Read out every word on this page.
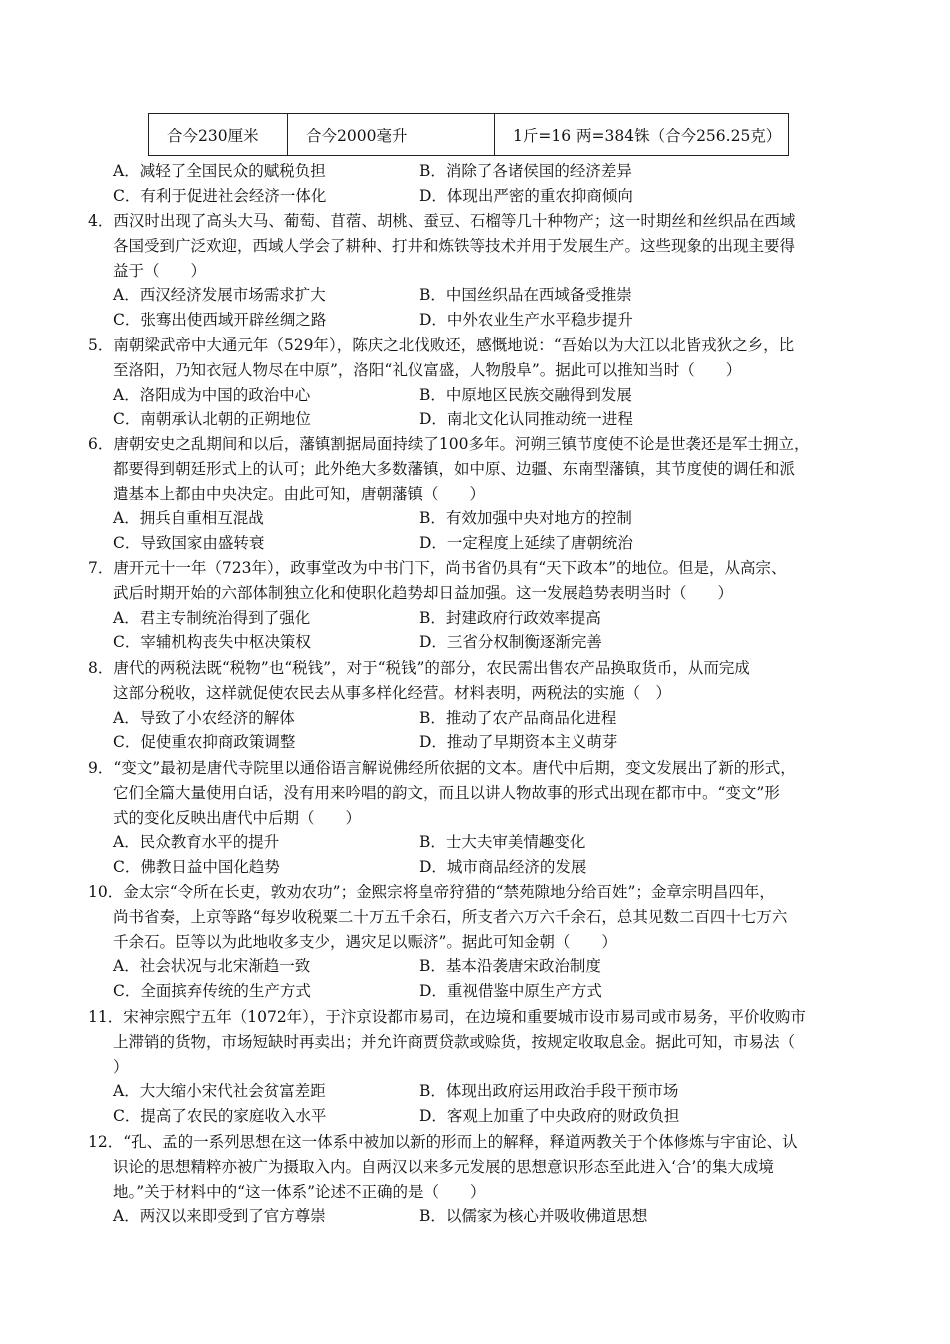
合今230厘米	合今2000毫升	1斤=16 两=384铢（合今256.25克）
A．减轻了全国民众的赋税负担	B．消除了各诸侯国的经济差异
C．有利于促进社会经济一体化	D．体现出严密的重农抑商倾向
4．西汉时出现了高头大马、葡萄、苜蓿、胡桃、蚕豆、石榴等几十种物产；这一时期丝和丝织品在西域
各国受到广泛欢迎，西域人学会了耕种、打井和炼铁等技术并用于发展生产。这些现象的出现主要得
益于（　　）
A．西汉经济发展市场需求扩大	B．中国丝织品在西域备受推崇
C．张骞出使西域开辟丝绸之路	D．中外农业生产水平稳步提升
5．南朝梁武帝中大通元年（529年），陈庆之北伐败还，感慨地说：“吾始以为大江以北皆戎狄之乡，比
至洛阳，乃知衣冠人物尽在中原”，洛阳“礼仪富盛，人物殷阜”。据此可以推知当时（　　）
A．洛阳成为中国的政治中心	B．中原地区民族交融得到发展
C．南朝承认北朝的正朔地位	D．南北文化认同推动统一进程
6．唐朝安史之乱期间和以后，藩镇割据局面持续了100多年。河朔三镇节度使不论是世袭还是军士拥立，
都要得到朝廷形式上的认可；此外绝大多数藩镇，如中原、边疆、东南型藩镇，其节度使的调任和派
遣基本上都由中央决定。由此可知，唐朝藩镇（　　）
A．拥兵自重相互混战	B．有效加强中央对地方的控制
C．导致国家由盛转衰	D．一定程度上延续了唐朝统治
7．唐开元十一年（723年），政事堂改为中书门下，尚书省仍具有“天下政本”的地位。但是，从高宗、
武后时期开始的六部体制独立化和使职化趋势却日益加强。这一发展趋势表明当时（　　）
A．君主专制统治得到了强化	B．封建政府行政效率提高
C．宰辅机构丧失中枢决策权	D．三省分权制衡逐渐完善
8．唐代的两税法既“税物”也“税钱”，对于“税钱”的部分，农民需出售农产品换取货币，从而完成
这部分税收，这样就促使农民去从事多样化经营。材料表明，两税法的实施（　）
A．导致了小农经济的解体	B．推动了农产品商品化进程
C．促使重农抑商政策调整	D．推动了早期资本主义萌芽
9．“变文”最初是唐代寺院里以通俗语言解说佛经所依据的文本。唐代中后期，变文发展出了新的形式，
它们全篇大量使用白话，没有用来吟唱的韵文，而且以讲人物故事的形式出现在都市中。“变文”形
式的变化反映出唐代中后期（　　）
A．民众教育水平的提升	B．士大夫审美情趣变化
C．佛教日益中国化趋势	D．城市商品经济的发展
10．金太宗“令所在长吏，敦劝农功”；金熙宗将皇帝狩猎的“禁苑隙地分给百姓”；金章宗明昌四年，
尚书省奏，上京等路“每岁收税粟二十万五千余石，所支者六万六千余石，总其见数二百四十七万六
千余石。臣等以为此地收多支少，遇灾足以赈济”。据此可知金朝（　　）
A．社会状况与北宋渐趋一致	B．基本沿袭唐宋政治制度
C．全面摈弃传统的生产方式	D．重视借鉴中原生产方式
11．宋神宗熙宁五年（1072年），于汴京设都市易司，在边境和重要城市设市易司或市易务，平价收购市
上滞销的货物，市场短缺时再卖出；并允许商贾贷款或赊货，按规定收取息金。据此可知，市易法（
）
A．大大缩小宋代社会贫富差距	B．体现出政府运用政治手段干预市场
C．提高了农民的家庭收入水平	D．客观上加重了中央政府的财政负担
12．“孔、孟的一系列思想在这一体系中被加以新的形而上的解释，释道两教关于个体修炼与宇宙论、认
识论的思想精粹亦被广为摄取入内。自两汉以来多元发展的思想意识形态至此进入‘合’的集大成境
地。”关于材料中的“这一体系”论述不正确的是（　　）
A．两汉以来即受到了官方尊崇	B．以儒家为核心并吸收佛道思想
